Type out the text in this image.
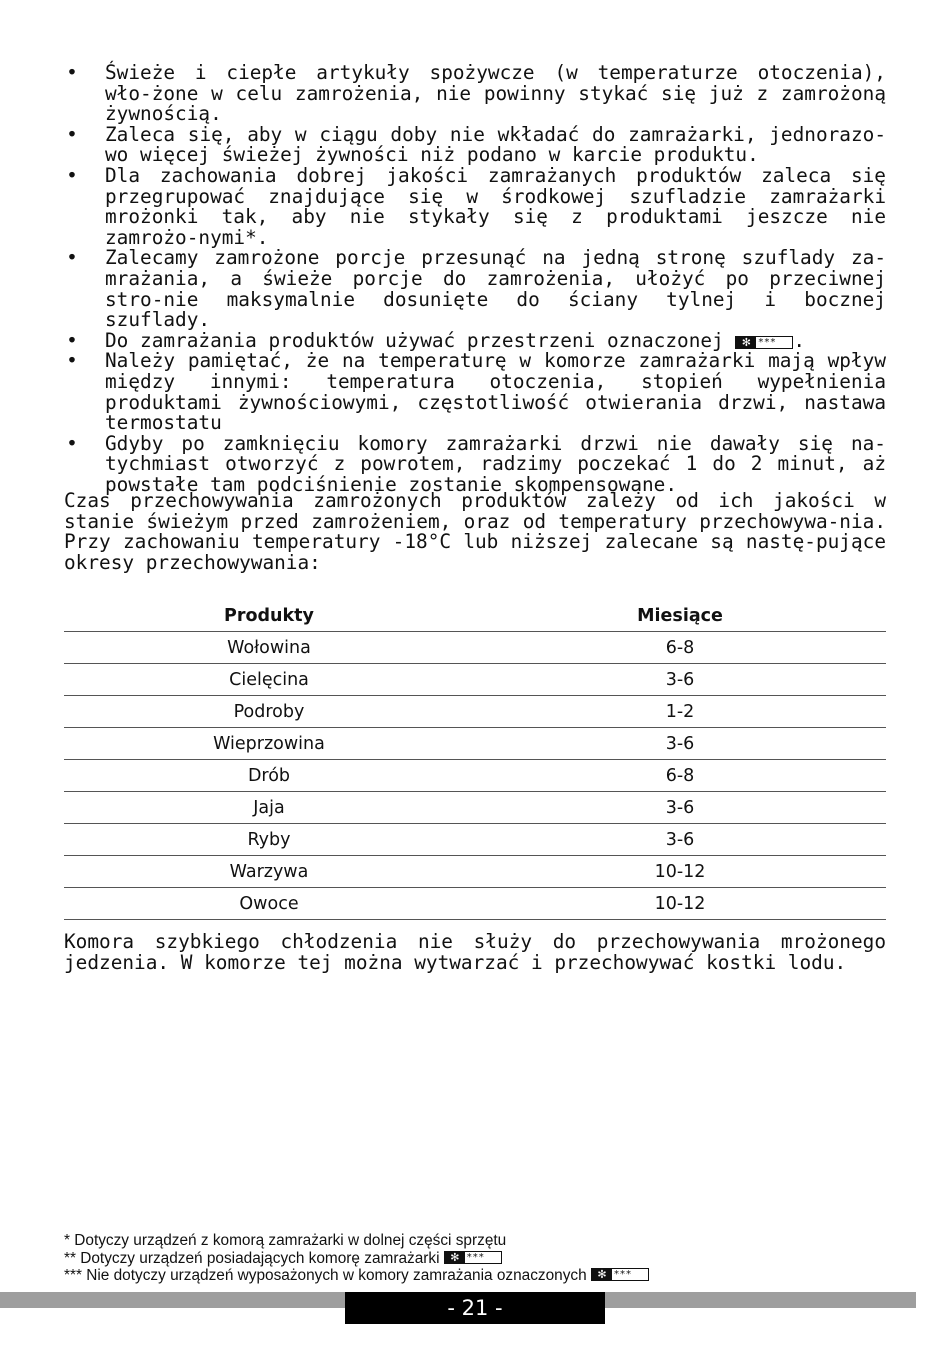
• Świeże i ciepłe artykuły spożywcze (w temperaturze otoczenia), wło-żone w celu zamrożenia, nie powinny stykać się już z zamrożoną żywnością.
• Zaleca się, aby w ciągu doby nie wkładać do zamrażarki, jednorazo-wo więcej świeżej żywności niż podano w karcie produktu.
• Dla zachowania dobrej jakości zamrażanych produktów zaleca się przegrupować znajdujące się w środkowej szufladzie zamrażarki mrożonki tak, aby nie stykały się z produktami jeszcze nie zamrożo-nymi*.
• Zalecamy zamrożone porcje przesunąć na jedną stronę szuflady za-mrażania, a świeże porcje do zamrożenia, ułożyć po przeciwnej stro-nie maksymalnie dosunięte do ściany tylnej i bocznej szuflady.
• Do zamrażania produktów używać przestrzeni oznaczonej ✻ *** .
• Należy pamiętać, że na temperaturę w komorze zamrażarki mają wpływ między innymi: temperatura otoczenia, stopień wypełnienia produktami żywnościowymi, częstotliwość otwierania drzwi, nastawa termostatu
• Gdyby po zamknięciu komory zamrażarki drzwi nie dawały się na-tychmiast otworzyć z powrotem, radzimy poczekać 1 do 2 minut, aż powstałe tam podciśnienie zostanie skompensowane.

Czas przechowywania zamrożonych produktów zależy od ich jakości w stanie świeżym przed zamrożeniem, oraz od temperatury przechowywa-nia. Przy zachowaniu temperatury -18°C lub niższej zalecane są nastę-pujące okresy przechowywania:

Produkty	Miesiące
Wołowina	6-8
Cielęcina	3-6
Podroby	1-2
Wieprzowina	3-6
Drób	6-8
Jaja	3-6
Ryby	3-6
Warzywa	10-12
Owoce	10-12

Komora szybkiego chłodzenia nie służy do przechowywania mrożonego jedzenia. W komorze tej można wytwarzać i przechowywać kostki lodu.

* Dotyczy urządzeń z komorą zamrażarki w dolnej części sprzętu
** Dotyczy urządzeń posiadających komorę zamrażarki ✻ ***
*** Nie dotyczy urządzeń wyposażonych w komory zamrażania oznaczonych ✻ ***
- 21 -
